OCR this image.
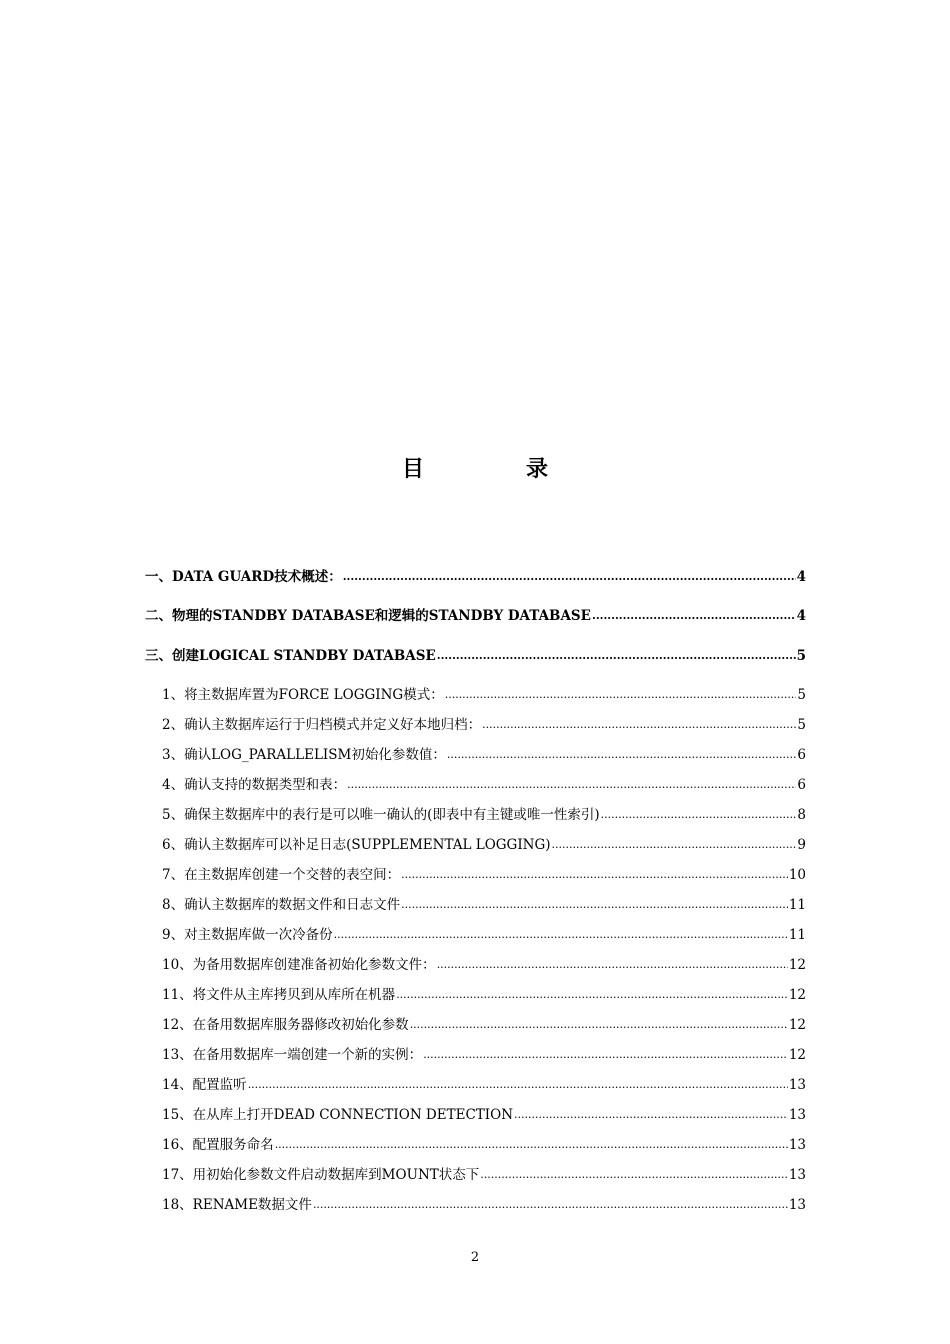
目　录
一、DATA GUARD技术概述： .....	4
二、物理的STANDBY DATABASE和逻辑的STANDBY DATABASE .....	4
三、创建LOGICAL STANDBY DATABASE .....	5
1、将主数据库置为FORCE LOGGING模式： .....	5
2、确认主数据库运行于归档模式并定义好本地归档： .....	5
3、确认LOG_PARALLELISM初始化参数值： .....	6
4、确认支持的数据类型和表： .....	6
5、确保主数据库中的表行是可以唯一确认的(即表中有主键或唯一性索引) .....	8
6、确认主数据库可以补足日志(SUPPLEMENTAL LOGGING) .....	9
7、在主数据库创建一个交替的表空间： .....	10
8、确认主数据库的数据文件和日志文件 .....	11
9、对主数据库做一次冷备份 .....	11
10、为备用数据库创建准备初始化参数文件： .....	12
11、将文件从主库拷贝到从库所在机器 .....	12
12、在备用数据库服务器修改初始化参数 .....	12
13、在备用数据库一端创建一个新的实例： .....	12
14、配置监听 .....	13
15、在从库上打开DEAD CONNECTION DETECTION .....	13
16、配置服务命名 .....	13
17、用初始化参数文件启动数据库到MOUNT状态下 .....	13
18、RENAME数据文件 .....	13
2
